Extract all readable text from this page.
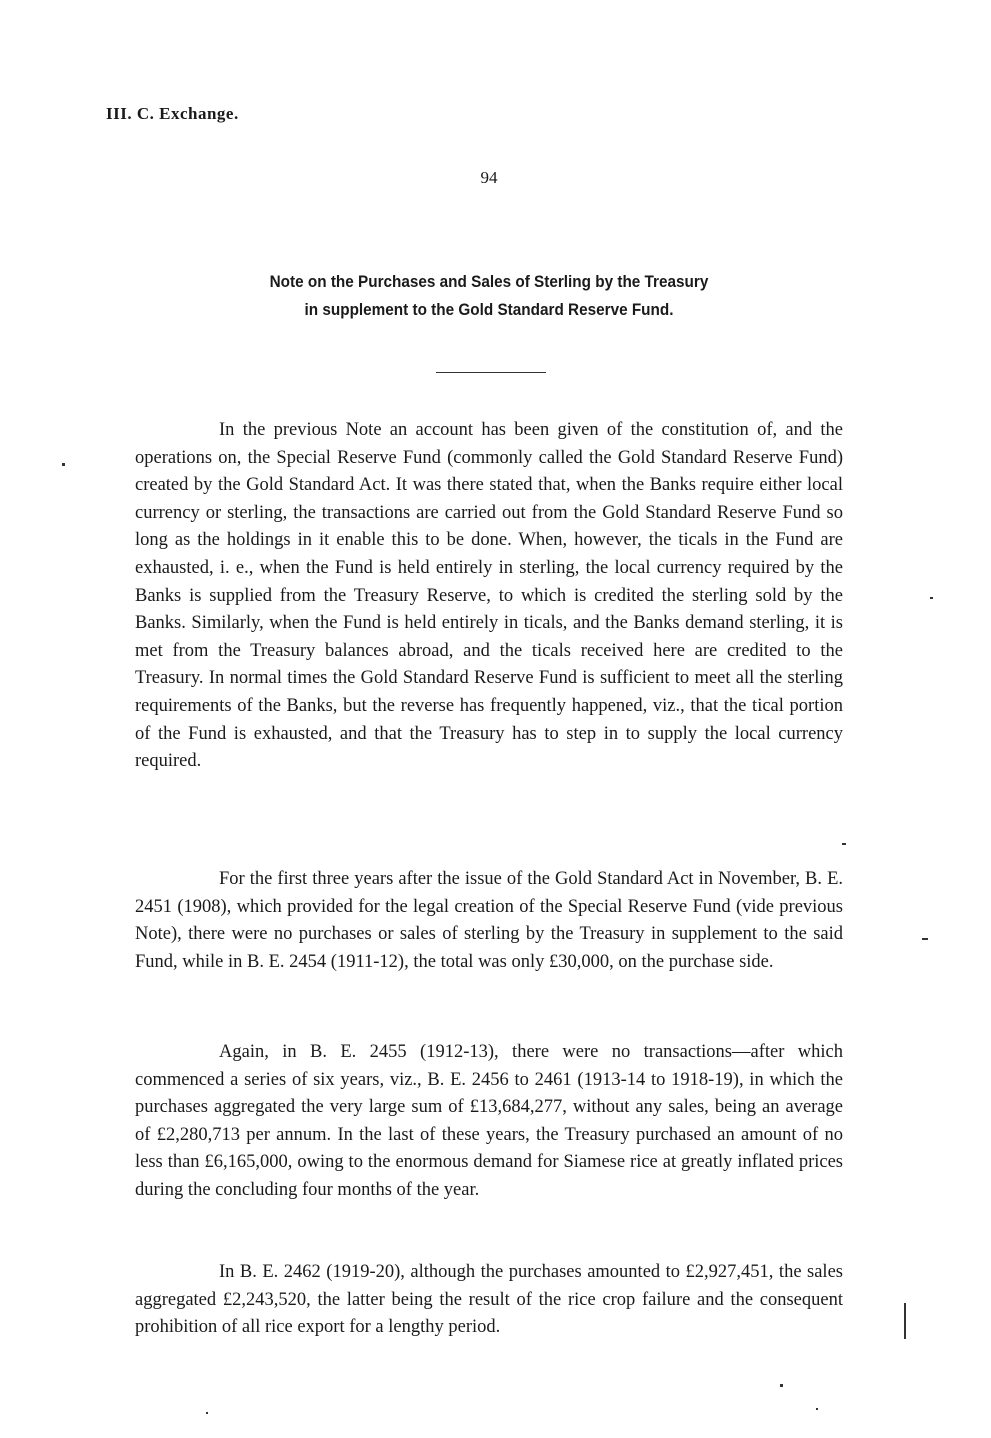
III. C. Exchange.
94
Note on the Purchases and Sales of Sterling by the Treasury
in supplement to the Gold Standard Reserve Fund.

In the previous Note an account has been given of the constitution of, and the operations on, the Special Reserve Fund (commonly called the Gold Standard Reserve Fund) created by the Gold Standard Act. It was there stated that, when the Banks require either local currency or sterling, the transactions are carried out from the Gold Standard Reserve Fund so long as the holdings in it enable this to be done. When, however, the ticals in the Fund are exhausted, i. e., when the Fund is held entirely in sterling, the local currency required by the Banks is supplied from the Treasury Reserve, to which is credited the sterling sold by the Banks. Similarly, when the Fund is held entirely in ticals, and the Banks demand sterling, it is met from the Treasury balances abroad, and the ticals received here are credited to the Treasury. In normal times the Gold Standard Reserve Fund is sufficient to meet all the sterling requirements of the Banks, but the reverse has frequently happened, viz., that the tical portion of the Fund is exhausted, and that the Treasury has to step in to supply the local currency required.

For the first three years after the issue of the Gold Standard Act in November, B. E. 2451 (1908), which provided for the legal creation of the Special Reserve Fund (vide previous Note), there were no purchases or sales of sterling by the Treasury in supplement to the said Fund, while in B. E. 2454 (1911-12), the total was only £30,000, on the purchase side.

Again, in B. E. 2455 (1912-13), there were no transactions—after which commenced a series of six years, viz., B. E. 2456 to 2461 (1913-14 to 1918-19), in which the purchases aggregated the very large sum of £13,684,277, without any sales, being an average of £2,280,713 per annum. In the last of these years, the Treasury purchased an amount of no less than £6,165,000, owing to the enormous demand for Siamese rice at greatly inflated prices during the concluding four months of the year.

In B. E. 2462 (1919-20), although the purchases amounted to £2,927,451, the sales aggregated £2,243,520, the latter being the result of the rice crop failure and the consequent prohibition of all rice export for a lengthy period.
